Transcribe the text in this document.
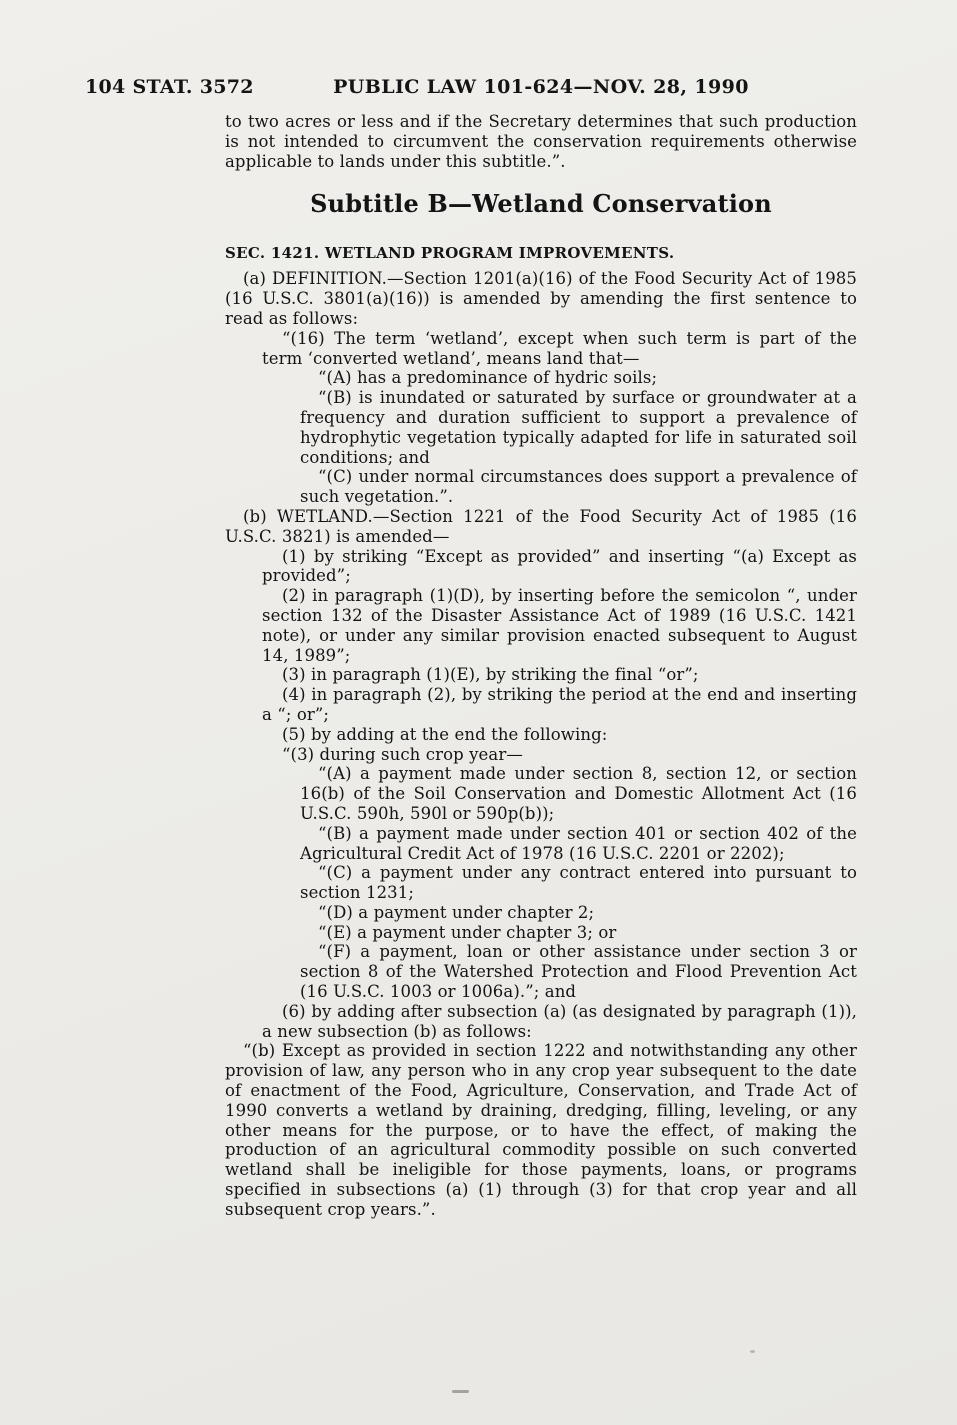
104 STAT. 3572	PUBLIC LAW 101-624—NOV. 28, 1990

to two acres or less and if the Secretary determines that such production is not intended to circumvent the conservation requirements otherwise applicable to lands under this subtitle.”.

Subtitle B—Wetland Conservation
SEC. 1421. WETLAND PROGRAM IMPROVEMENTS.

(a) DEFINITION.—Section 1201(a)(16) of the Food Security Act of 1985 (16 U.S.C. 3801(a)(16)) is amended by amending the first sentence to read as follows:

“(16) The term ‘wetland’, except when such term is part of the term ‘converted wetland’, means land that—

“(A) has a predominance of hydric soils;

“(B) is inundated or saturated by surface or groundwater at a frequency and duration sufficient to support a prevalence of hydrophytic vegetation typically adapted for life in saturated soil conditions; and

“(C) under normal circumstances does support a prevalence of such vegetation.”.

(b) WETLAND.—Section 1221 of the Food Security Act of 1985 (16 U.S.C. 3821) is amended—

(1) by striking “Except as provided” and inserting “(a) Except as provided”;

(2) in paragraph (1)(D), by inserting before the semicolon “, under section 132 of the Disaster Assistance Act of 1989 (16 U.S.C. 1421 note), or under any similar provision enacted subsequent to August 14, 1989”;

(3) in paragraph (1)(E), by striking the final “or”;

(4) in paragraph (2), by striking the period at the end and inserting a “; or”;

(5) by adding at the end the following:

“(3) during such crop year—

“(A) a payment made under section 8, section 12, or section 16(b) of the Soil Conservation and Domestic Allotment Act (16 U.S.C. 590h, 590l or 590p(b));

“(B) a payment made under section 401 or section 402 of the Agricultural Credit Act of 1978 (16 U.S.C. 2201 or 2202);

“(C) a payment under any contract entered into pursuant to section 1231;

“(D) a payment under chapter 2;

“(E) a payment under chapter 3; or

“(F) a payment, loan or other assistance under section 3 or section 8 of the Watershed Protection and Flood Prevention Act (16 U.S.C. 1003 or 1006a).”; and

(6) by adding after subsection (a) (as designated by paragraph (1)), a new subsection (b) as follows:

“(b) Except as provided in section 1222 and notwithstanding any other provision of law, any person who in any crop year subsequent to the date of enactment of the Food, Agriculture, Conservation, and Trade Act of 1990 converts a wetland by draining, dredging, filling, leveling, or any other means for the purpose, or to have the effect, of making the production of an agricultural commodity possible on such converted wetland shall be ineligible for those payments, loans, or programs specified in subsections (a) (1) through (3) for that crop year and all subsequent crop years.”.
